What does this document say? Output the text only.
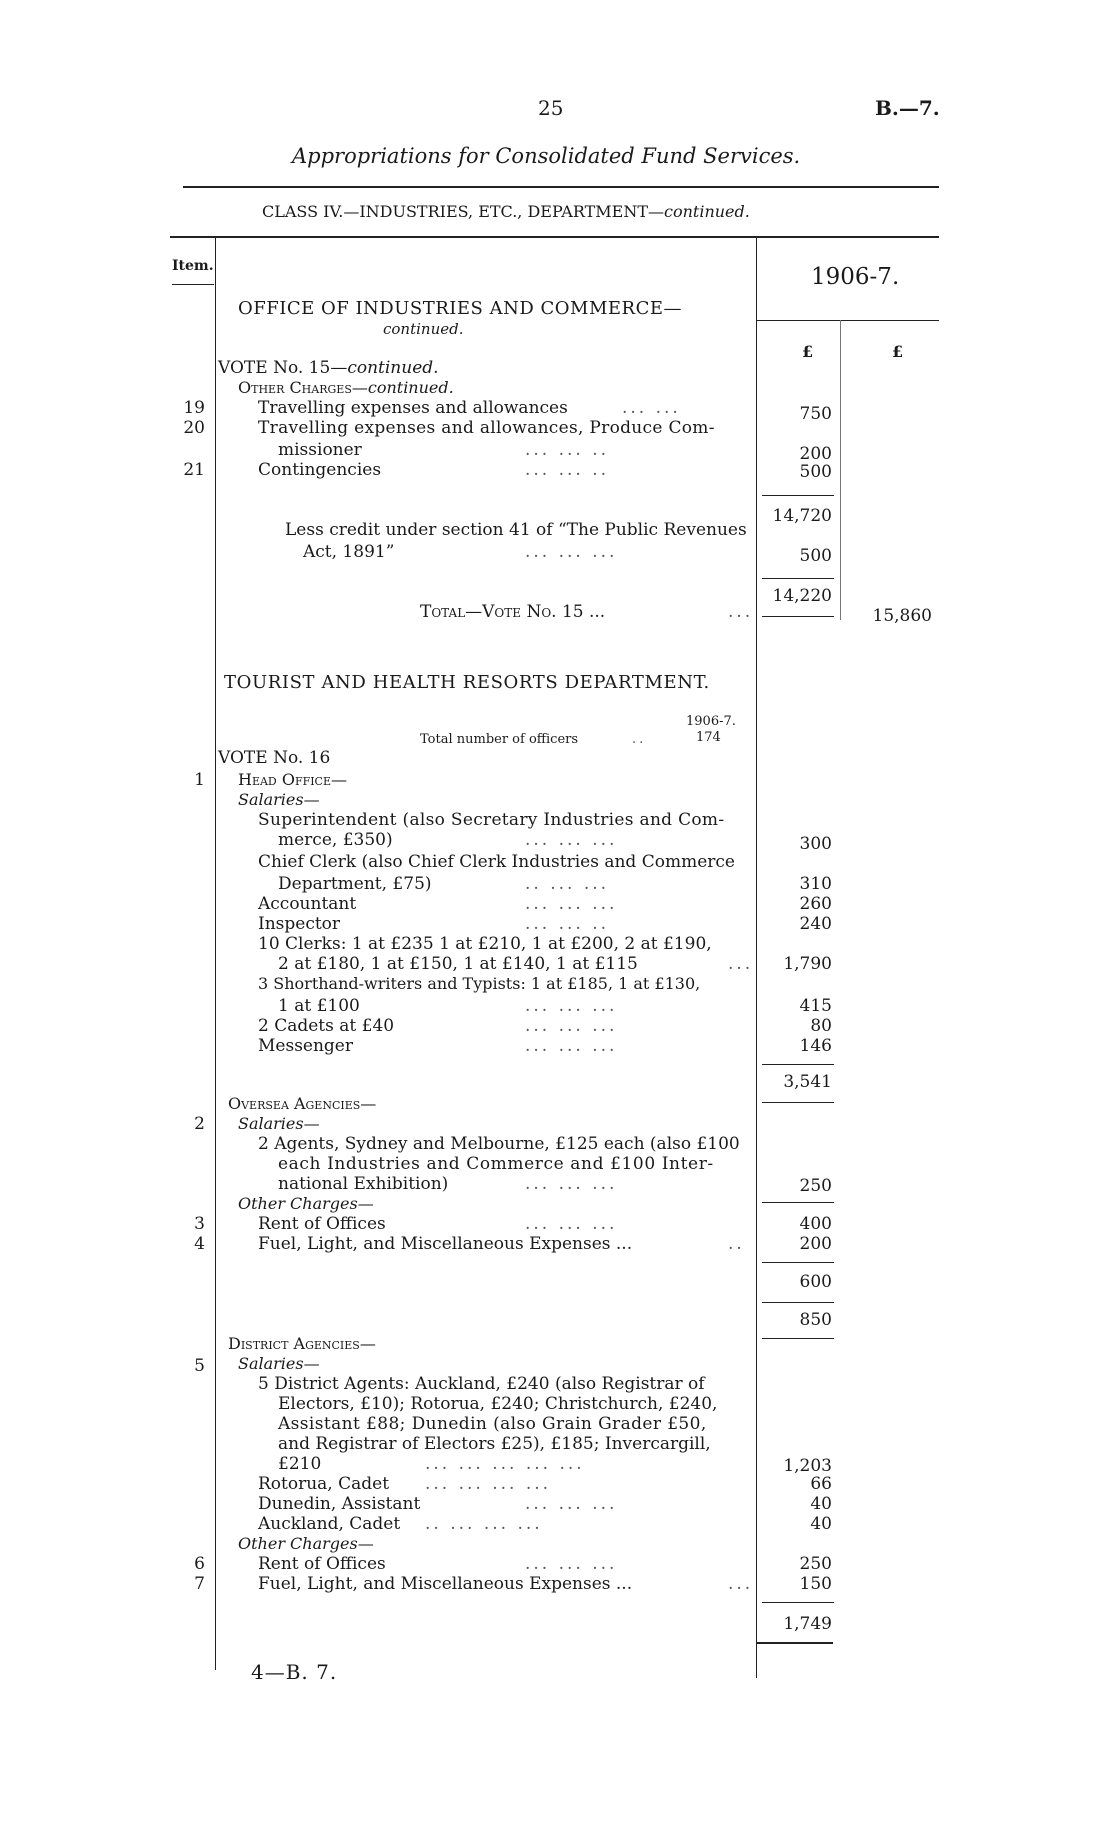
25	B.—7.
Appropriations for Consolidated Fund Services.
CLASS IV.—INDUSTRIES, ETC., DEPARTMENT—continued.
Item.	1906-7.
£	£
OFFICE OF INDUSTRIES AND COMMERCE—
continued.
VOTE No. 15—continued.
Other Charges—continued.
19	Travelling expenses and allowances	... ...	750
20	Travelling expenses and allowances, Produce Com-
missioner	... ... ..	200
21	Contingencies	... ... ..	500
14,720
Less credit under section 41 of “The Public Revenues
Act, 1891”	... ... ...	500
14,220
Total—Vote No. 15 ...	...	15,860
TOURIST AND HEALTH RESORTS DEPARTMENT.
1906-7.
Total number of officers	..	174
VOTE No. 16
1 Head Office—
Salaries—
Superintendent (also Secretary Industries and Com-
merce, £350)	... ... ...	300
Chief Clerk (also Chief Clerk Industries and Commerce
Department, £75)	.. ... ...	310
Accountant	... ... ...	260
Inspector	... ... ..	240
10 Clerks: 1 at £235 1 at £210, 1 at £200, 2 at £190,
2 at £180, 1 at £150, 1 at £140, 1 at £115	...	1,790
3 Shorthand-writers and Typists: 1 at £185, 1 at £130,
1 at £100	... ... ...	415
2 Cadets at £40	... ... ...	80
Messenger	... ... ...	146
3,541
Oversea Agencies—
2 Salaries—
2 Agents, Sydney and Melbourne, £125 each (also £100
each Industries and Commerce and £100 Inter-
national Exhibition)	... ... ...	250
Other Charges—
3	Rent of Offices	... ... ...	400
4	Fuel, Light, and Miscellaneous Expenses ...	..	200
600
850
District Agencies—
5 Salaries—
5 District Agents: Auckland, £240 (also Registrar of
Electors, £10); Rotorua, £240; Christchurch, £240,
Assistant £88; Dunedin (also Grain Grader £50,
and Registrar of Electors £25), £185; Invercargill,
£210	... ... ... ... ...	1,203
Rotorua, Cadet ... ... ... ...	66
Dunedin, Assistant	... ... ...	40
Auckland, Cadet .. ... ... ...	40
Other Charges—
6	Rent of Offices	... ... ...	250
7	Fuel, Light, and Miscellaneous Expenses ...	...	150
1,749
4—B. 7.
